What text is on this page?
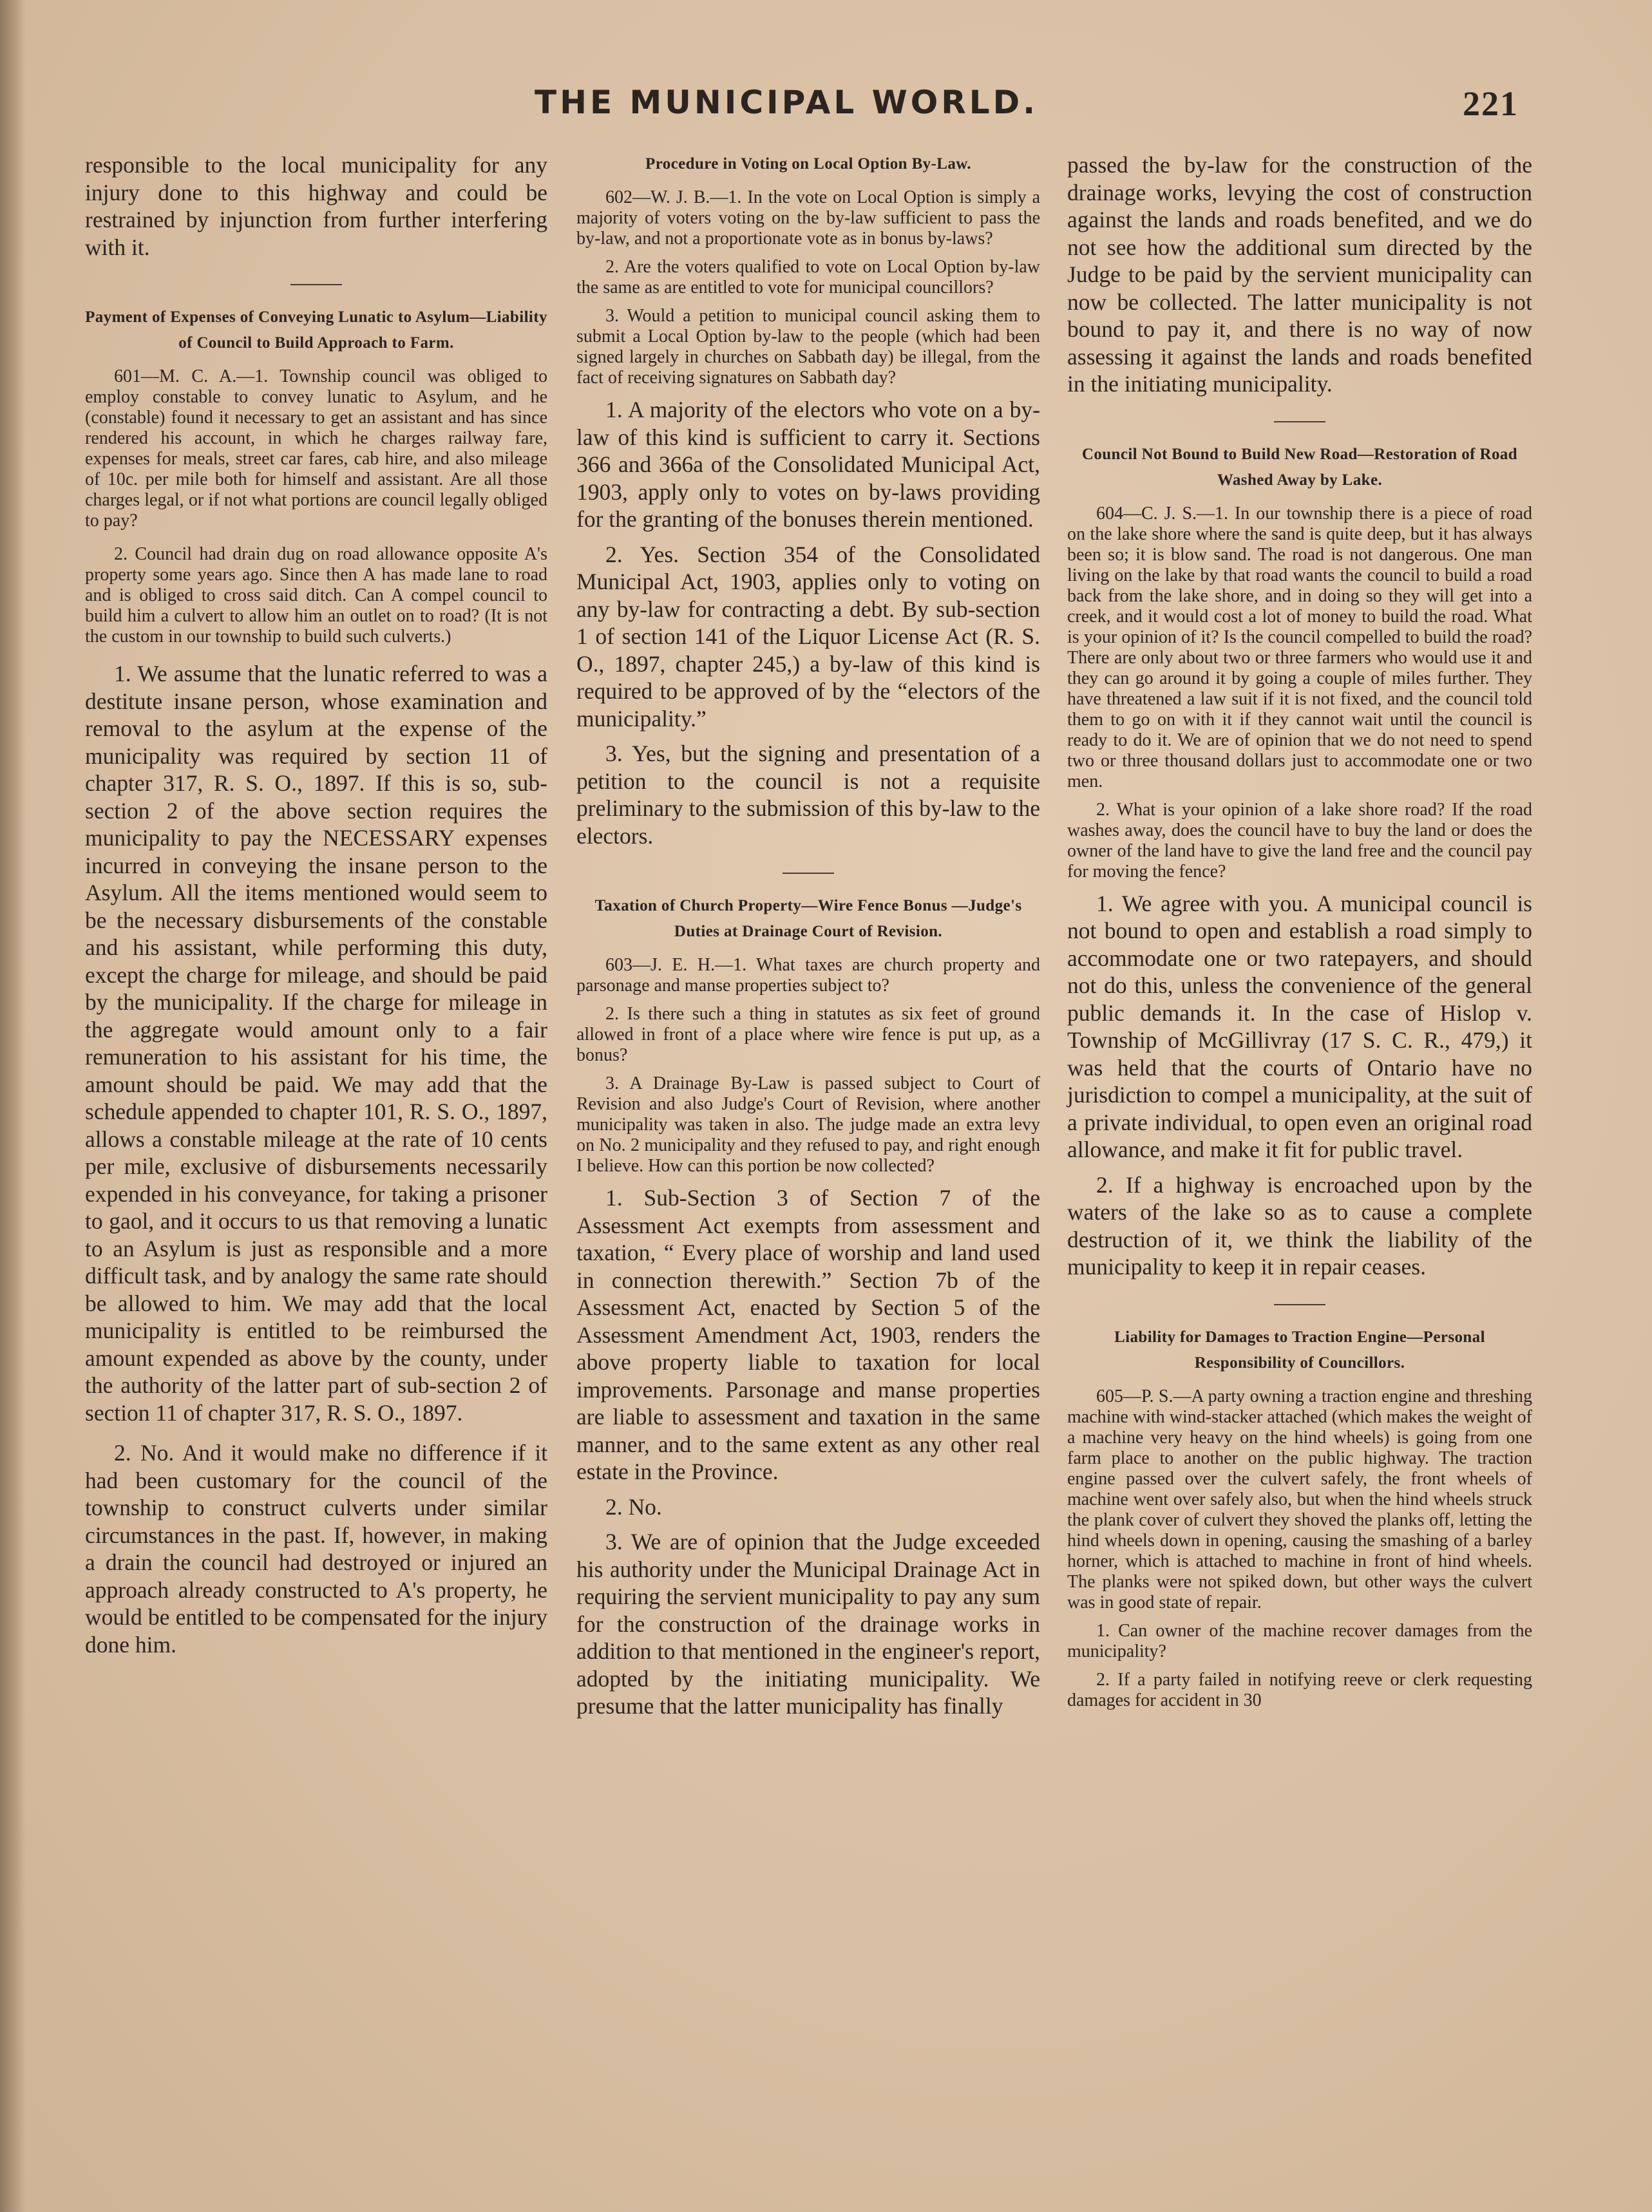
THE MUNICIPAL WORLD.	221

responsible to the local municipality for any injury done to this highway and could be restrained by injunction from further interfering with it.

Payment of Expenses of Conveying Lunatic to Asylum—Liability of Council to Build Approach to Farm.

601—M. C. A.—1. Township council was obliged to employ constable to convey lunatic to Asylum, and he (constable) found it necessary to get an assistant and has since rendered his account, in which he charges railway fare, expenses for meals, street car fares, cab hire, and also mileage of 10c. per mile both for himself and assistant. Are all those charges legal, or if not what portions are council legally obliged to pay?

2. Council had drain dug on road allowance opposite A's property some years ago. Since then A has made lane to road and is obliged to cross said ditch. Can A compel council to build him a culvert to allow him an outlet on to road? (It is not the custom in our township to build such culverts.)

1. We assume that the lunatic referred to was a destitute insane person, whose examination and removal to the asylum at the expense of the municipality was required by section 11 of chapter 317, R. S. O., 1897. If this is so, sub-section 2 of the above section requires the municipality to pay the NECESSARY expenses incurred in conveying the insane person to the Asylum. All the items mentioned would seem to be the necessary disbursements of the constable and his assistant, while performing this duty, except the charge for mileage, and should be paid by the municipality. If the charge for mileage in the aggregate would amount only to a fair remuneration to his assistant for his time, the amount should be paid. We may add that the schedule appended to chapter 101, R. S. O., 1897, allows a constable mileage at the rate of 10 cents per mile, exclusive of disbursements necessarily expended in his conveyance, for taking a prisoner to gaol, and it occurs to us that removing a lunatic to an Asylum is just as responsible and a more difficult task, and by analogy the same rate should be allowed to him. We may add that the local municipality is entitled to be reimbursed the amount expended as above by the county, under the authority of the latter part of sub-section 2 of section 11 of chapter 317, R. S. O., 1897.

2. No. And it would make no difference if it had been customary for the council of the township to construct culverts under similar circumstances in the past. If, however, in making a drain the council had destroyed or injured an approach already constructed to A's property, he would be entitled to be compensated for the injury done him.

Procedure in Voting on Local Option By-Law.

602—W. J. B.—1. In the vote on Local Option is simply a majority of voters voting on the by-law sufficient to pass the by-law, and not a proportionate vote as in bonus by-laws?

2. Are the voters qualified to vote on Local Option by-law the same as are entitled to vote for municipal councillors?

3. Would a petition to municipal council asking them to submit a Local Option by-law to the people (which had been signed largely in churches on Sabbath day) be illegal, from the fact of receiving signatures on Sabbath day?

1. A majority of the electors who vote on a by-law of this kind is sufficient to carry it. Sections 366 and 366a of the Consolidated Municipal Act, 1903, apply only to votes on by-laws providing for the granting of the bonuses therein mentioned.

2. Yes. Section 354 of the Consolidated Municipal Act, 1903, applies only to voting on any by-law for contracting a debt. By sub-section 1 of section 141 of the Liquor License Act (R. S. O., 1897, chapter 245,) a by-law of this kind is required to be approved of by the “electors of the municipality.”

3. Yes, but the signing and presentation of a petition to the council is not a requisite preliminary to the submission of this by-law to the electors.

Taxation of Church Property—Wire Fence Bonus —Judge's Duties at Drainage Court of Revision.

603—J. E. H.—1. What taxes are church property and parsonage and manse properties subject to?

2. Is there such a thing in statutes as six feet of ground allowed in front of a place where wire fence is put up, as a bonus?

3. A Drainage By-Law is passed subject to Court of Revision and also Judge's Court of Revision, where another municipality was taken in also. The judge made an extra levy on No. 2 municipality and they refused to pay, and right enough I believe. How can this portion be now collected?

1. Sub-Section 3 of Section 7 of the Assessment Act exempts from assessment and taxation, “ Every place of worship and land used in connection therewith.” Section 7b of the Assessment Act, enacted by Section 5 of the Assessment Amendment Act, 1903, renders the above property liable to taxation for local improvements. Parsonage and manse properties are liable to assessment and taxation in the same manner, and to the same extent as any other real estate in the Province.

2. No.

3. We are of opinion that the Judge exceeded his authority under the Municipal Drainage Act in requiring the servient municipality to pay any sum for the construction of the drainage works in addition to that mentioned in the engineer's report, adopted by the initiating municipality. We presume that the latter municipality has finally

passed the by-law for the construction of the drainage works, levying the cost of construction against the lands and roads benefited, and we do not see how the additional sum directed by the Judge to be paid by the servient municipality can now be collected. The latter municipality is not bound to pay it, and there is no way of now assessing it against the lands and roads benefited in the initiating municipality.

Council Not Bound to Build New Road—Restoration of Road Washed Away by Lake.

604—C. J. S.—1. In our township there is a piece of road on the lake shore where the sand is quite deep, but it has always been so; it is blow sand. The road is not dangerous. One man living on the lake by that road wants the council to build a road back from the lake shore, and in doing so they will get into a creek, and it would cost a lot of money to build the road. What is your opinion of it? Is the council compelled to build the road? There are only about two or three farmers who would use it and they can go around it by going a couple of miles further. They have threatened a law suit if it is not fixed, and the council told them to go on with it if they cannot wait until the council is ready to do it. We are of opinion that we do not need to spend two or three thousand dollars just to accommodate one or two men.

2. What is your opinion of a lake shore road? If the road washes away, does the council have to buy the land or does the owner of the land have to give the land free and the council pay for moving the fence?

1. We agree with you. A municipal council is not bound to open and establish a road simply to accommodate one or two ratepayers, and should not do this, unless the convenience of the general public demands it. In the case of Hislop v. Township of McGillivray (17 S. C. R., 479,) it was held that the courts of Ontario have no jurisdiction to compel a municipality, at the suit of a private individual, to open even an original road allowance, and make it fit for public travel.

2. If a highway is encroached upon by the waters of the lake so as to cause a complete destruction of it, we think the liability of the municipality to keep it in repair ceases.

Liability for Damages to Traction Engine—Personal Responsibility of Councillors.

605—P. S.—A party owning a traction engine and threshing machine with wind-stacker attached (which makes the weight of a machine very heavy on the hind wheels) is going from one farm place to another on the public highway. The traction engine passed over the culvert safely, the front wheels of machine went over safely also, but when the hind wheels struck the plank cover of culvert they shoved the planks off, letting the hind wheels down in opening, causing the smashing of a barley horner, which is attached to machine in front of hind wheels. The planks were not spiked down, but other ways the culvert was in good state of repair.

1. Can owner of the machine recover damages from the municipality?

2. If a party failed in notifying reeve or clerk requesting damages for accident in 30
